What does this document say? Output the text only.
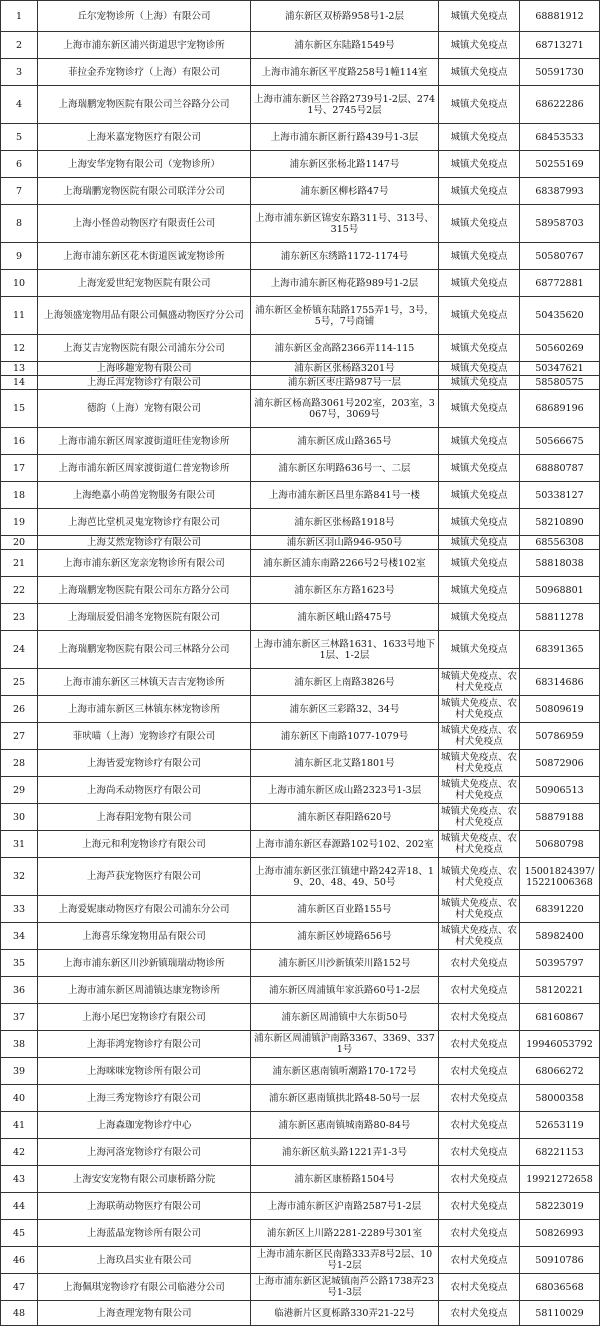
1	丘尔宠物诊所（上海）有限公司	浦东新区双桥路958号1-2层	城镇犬免疫点	68881912
2	上海市浦东新区浦兴街道思宇宠物诊所	浦东新区东陆路1549号	城镇犬免疫点	68713271
3	菲拉金乔宠物诊疗（上海）有限公司	上海市浦东新区平度路258号1幢114室	城镇犬免疫点	50591730
4	上海瑞鹏宠物医院有限公司兰谷路分公司	上海市浦东新区兰谷路2739号1-2层、2741号、2745号2层	城镇犬免疫点	68622286
5	上海米嘉宠物医疗有限公司	上海市浦东新区新行路439号1-3层	城镇犬免疫点	68453533
6	上海安华宠物有限公司（宠物诊所）	浦东新区张杨北路1147号	城镇犬免疫点	50255169
7	上海瑞鹏宠物医院有限公司联洋分公司	浦东新区柳杉路47号	城镇犬免疫点	68387993
8	上海小怪兽动物医疗有限责任公司	上海市浦东新区锦安东路311号、313号、315号	城镇犬免疫点	58958703
9	上海市浦东新区花木街道医诚宠物诊所	浦东新区东绣路1172-1174号	城镇犬免疫点	50580767
10	上海宠爱世纪宠物医院有限公司	上海市浦东新区梅花路989号1-2层	城镇犬免疫点	68772881
11	上海领盛宠物用品有限公司佩盛动物医疗分公司	浦东新区金桥镇东陆路1755弄1号，3号，5号，7号商铺	城镇犬免疫点	50435620
12	上海艾吉宠物医院有限公司浦东分公司	浦东新区金高路2366弄114-115	城镇犬免疫点	50560269
13	上海哆趣宠物有限公司	浦东新区张杨路3201号	城镇犬免疫点	50347621
14	上海丘洱宠物诊疗有限公司	浦东新区枣庄路987号一层	城镇犬免疫点	58580575
15	德韵（上海）宠物有限公司	浦东新区杨高路3061号202室，203室，3067号，3069号	城镇犬免疫点	68689196
16	上海市浦东新区周家渡街道旺佳宠物诊所	浦东新区成山路365号	城镇犬免疫点	50566675
17	上海市浦东新区周家渡街道仁普宠物诊所	浦东新区东明路636号一、二层	城镇犬免疫点	68880787
18	上海绝嘉小萌兽宠物服务有限公司	上海市浦东新区昌里东路841号一楼	城镇犬免疫点	50338127
19	上海芭比堂机灵鬼宠物诊疗有限公司	浦东新区张杨路1918号	城镇犬免疫点	58210890
20	上海艾然宠物诊疗有限公司	浦东新区羽山路946-950号	城镇犬免疫点	68556308
21	上海市浦东新区宠亲宠物诊所有限公司	浦东新区浦东南路2266号2号楼102室	城镇犬免疫点	58818038
22	上海瑞鹏宠物医院有限公司东方路分公司	浦东新区东方路1623号	城镇犬免疫点	50968801
23	上海瑞辰爱侣浦冬宠物医院有限公司	浦东新区峨山路475号	城镇犬免疫点	58811278
24	上海瑞鹏宠物医院有限公司三林路分公司	上海市浦东新区三林路1631、1633号地下1层、1-2层	城镇犬免疫点	68391365
25	上海市浦东新区三林镇天吉吉宠物诊所	浦东新区上南路3826号	城镇犬免疫点、农村犬免疫点	68314686
26	上海市浦东新区三林镇东林宠物诊所	浦东新区三彩路32、34号	城镇犬免疫点、农村犬免疫点	50809619
27	菲吠喵（上海）宠物诊疗有限公司	浦东新区下南路1077-1079号	城镇犬免疫点、农村犬免疫点	50786959
28	上海皆爱宠物诊疗有限公司	浦东新区北艾路1801号	城镇犬免疫点、农村犬免疫点	50872906
29	上海尚禾动物医疗有限公司	上海市浦东新区成山路2323号1-3层	城镇犬免疫点、农村犬免疫点	50906513
30	上海春阳宠物有限公司	浦东新区春阳路620号	城镇犬免疫点、农村犬免疫点	58879188
31	上海元和利宠物诊疗有限公司	上海市浦东新区春源路102号102、202室	城镇犬免疫点、农村犬免疫点	50680798
32	上海芦获宠物医疗有限公司	上海市浦东新区张江镇建中路242弄18、19、20、48、49、50号	城镇犬免疫点、农村犬免疫点	15001824397/15221006368
33	上海爱妮康动物医疗有限公司浦东分公司	浦东新区百业路155号	城镇犬免疫点、农村犬免疫点	68391220
34	上海喜乐缘宠物用品有限公司	浦东新区妙境路656号	城镇犬免疫点、农村犬免疫点	58982400
35	上海市浦东新区川沙新镇瑞瑞动物诊所	浦东新区川沙新镇荣川路152号	农村犬免疫点	50395797
36	上海市浦东新区周浦镇达康宠物诊所	浦东新区周浦镇年家浜路60号1-2层	农村犬免疫点	58120221
37	上海小尾巴宠物诊疗有限公司	浦东新区周浦镇中大东街50号	农村犬免疫点	68160867
38	上海菲鸿宠物诊疗有限公司	浦东新区周浦镇沪南路3367、3369、3371号	农村犬免疫点	19946053792
39	上海咪咪宠物诊所有限公司	浦东新区惠南镇听潮路170-172号	农村犬免疫点	68066272
40	上海三秀宠物诊疗有限公司	浦东新区惠南镇拱北路48-50号一层	农村犬免疫点	58000358
41	上海森珈宠物诊疗中心	浦东新区惠南镇城南路80-84号	农村犬免疫点	52653119
42	上海河洛宠物诊疗有限公司	浦东新区航头路1221弄1-3号	农村犬免疫点	68221153
43	上海安安宠物有限公司康桥路分院	浦东新区康桥路1504号	农村犬免疫点	19921272658
44	上海联萌动物医疗有限公司	上海市浦东新区沪南路2587号1-2层	农村犬免疫点	58223019
45	上海蓝晶宠物诊所有限公司	浦东新区上川路2281-2289号301室	农村犬免疫点	50826993
46	上海玖昌实业有限公司	上海市浦东新区民南路333弄8号2层、10号1-2层	农村犬免疫点	50910786
47	上海佩琪宠物诊疗有限公司临港分公司	上海市浦东新区泥城镇南芦公路1738弄23号1-3层	农村犬免疫点	68036568
48	上海查理宠物有限公司	临港新片区夏栎路330弄21-22号	农村犬免疫点	58110029
